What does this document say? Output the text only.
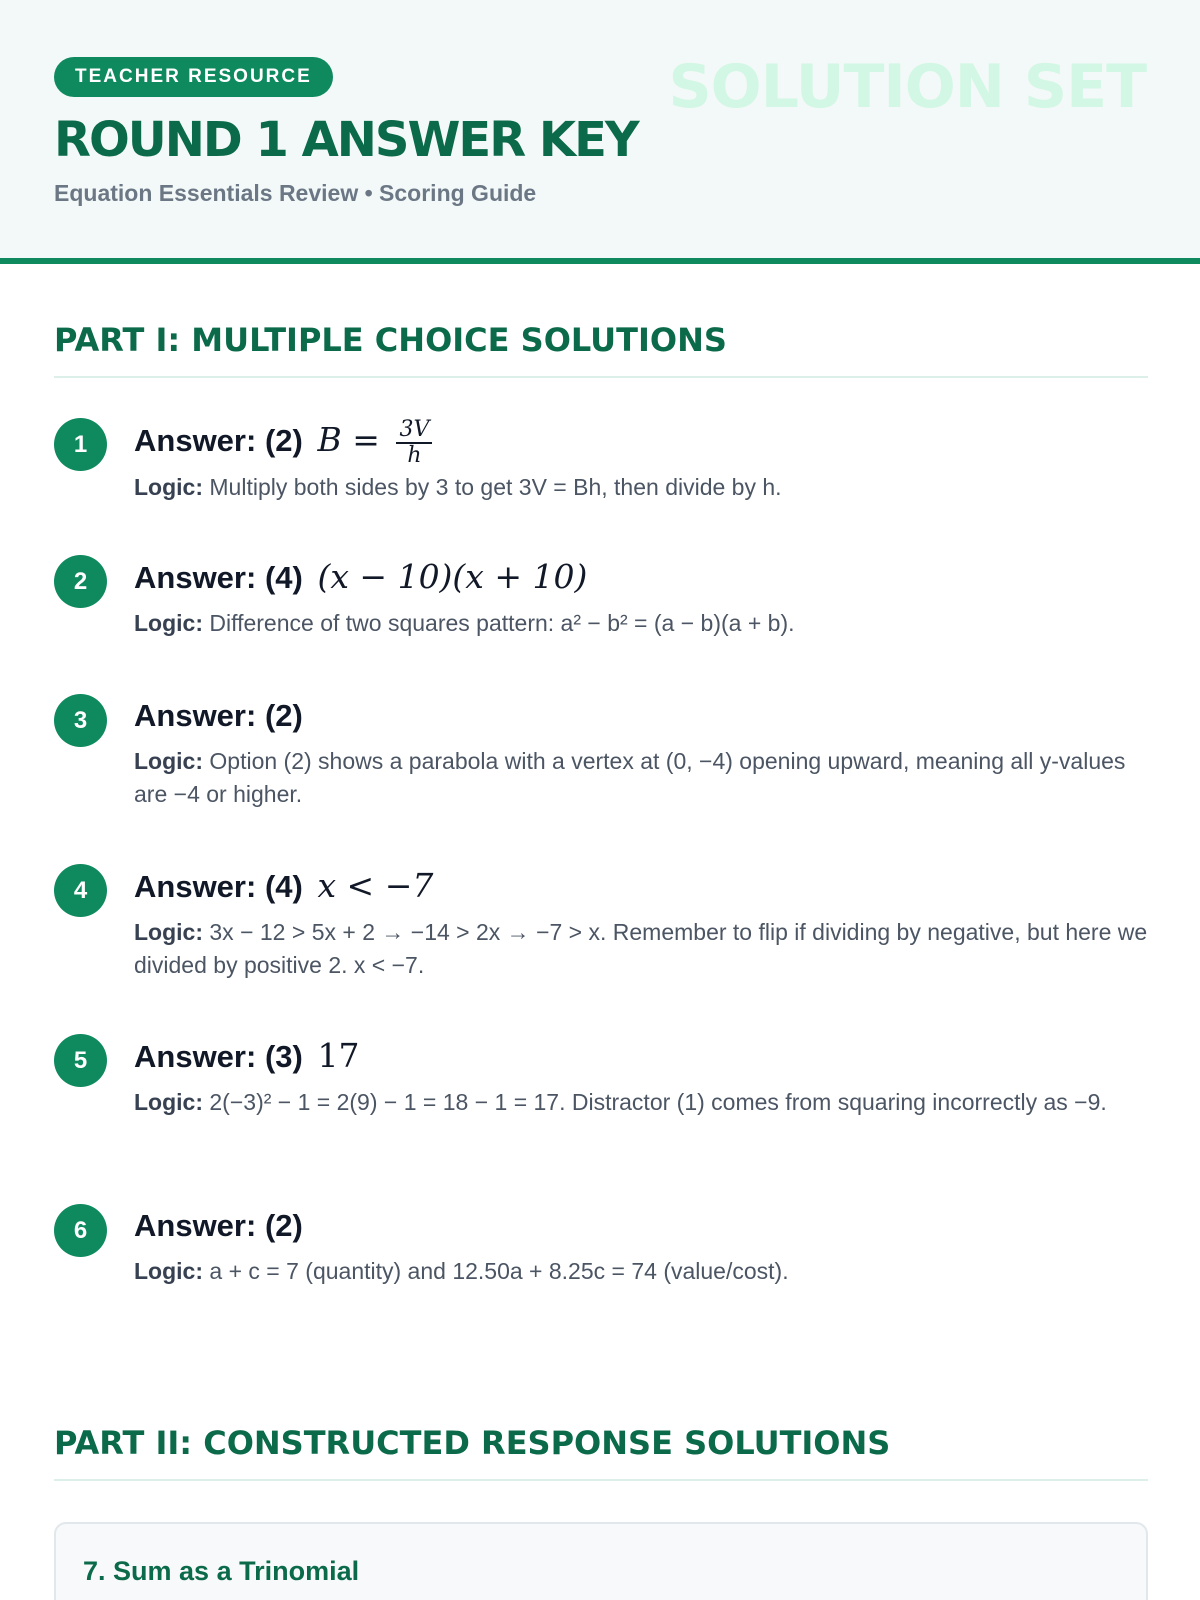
TEACHER RESOURCE	SOLUTION SET
ROUND 1 ANSWER KEY
Equation Essentials Review • Scoring Guide
PART I: MULTIPLE CHOICE SOLUTIONS
1	Answer: (2) $B = \frac{3V}{h}$
Logic: Multiply both sides by 3 to get 3V = Bh, then divide by h.
2	Answer: (4) (x − 10)(x + 10)
Logic: Difference of two squares pattern: a² − b² = (a − b)(a + b).
3	Answer: (2)
Logic: Option (2) shows a parabola with a vertex at (0, −4) opening upward, meaning all y-values are −4 or higher.
4	Answer: (4) x < −7
Logic: 3x − 12 > 5x + 2 → −14 > 2x → −7 > x. Remember to flip if dividing by negative, but here we divided by positive 2. x < −7.
5	Answer: (3) 17
Logic: 2(−3)² − 1 = 2(9) − 1 = 18 − 1 = 17. Distractor (1) comes from squaring incorrectly as −9.
6	Answer: (2)
Logic: a + c = 7 (quantity) and 12.50a + 8.25c = 74 (value/cost).
PART II: CONSTRUCTED RESPONSE SOLUTIONS
7. Sum as a Trinomial
